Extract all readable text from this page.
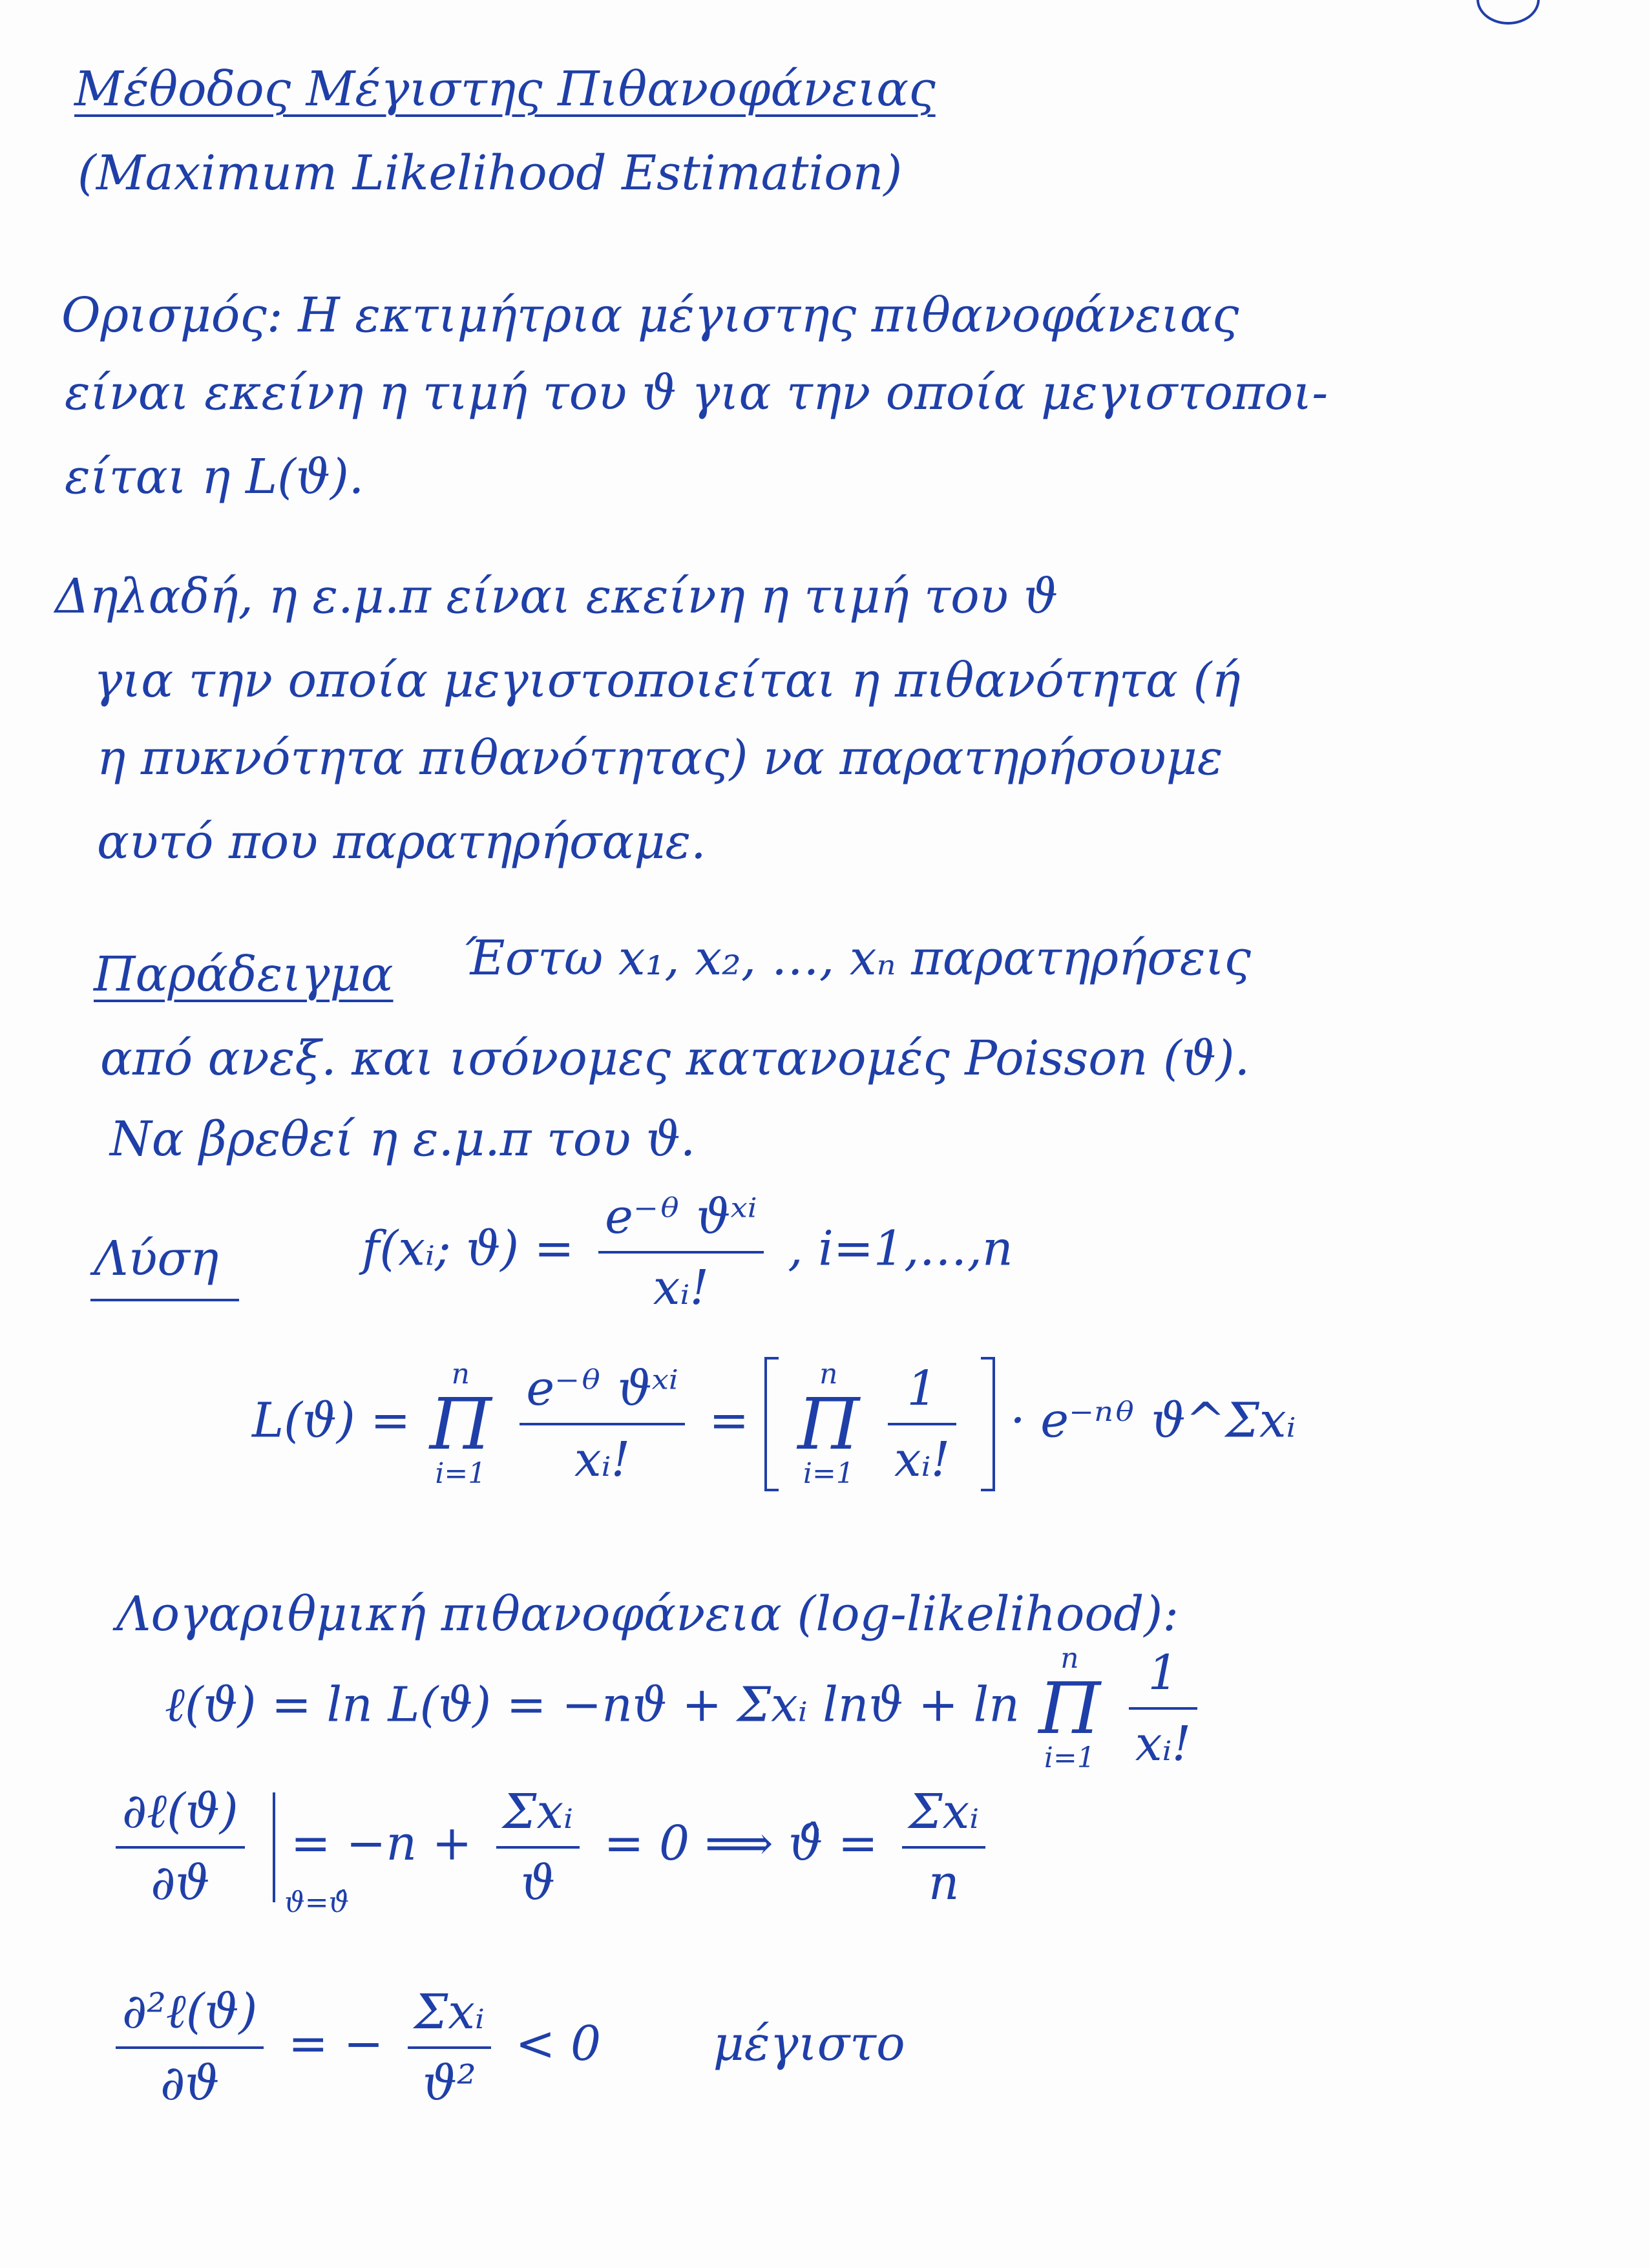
Μέθοδος Μέγιστης Πιθανοφάνειας
(Maximum Likelihood Estimation)
Ορισμός: Η εκτιμήτρια μέγιστης πιθανοφάνειας
είναι εκείνη η τιμή του ϑ για την οποία μεγιστοποι-
είται η L(ϑ).
Δηλαδή, η ε.μ.π είναι εκείνη η τιμή του ϑ
για την οποία μεγιστοποιείται η πιθανότητα (ή
η πυκνότητα πιθανότητας) να παρατηρήσουμε
αυτό που παρατηρήσαμε.
Παράδειγμα Έστω x₁, x₂, …, xₙ παρατηρήσεις
από ανεξ. και ισόνομες κατανομές Poisson (ϑ).
Να βρεθεί η ε.μ.π του ϑ.
Λύση	f(xᵢ; $ϑ) = \frac{\text{e⁻ᶿ ϑˣⁱ}}{\text{xᵢ!}}$ , i=1,…,n
L(ϑ) =
n
Π
i=1
$\frac{\text{e⁻ᶿ ϑˣⁱ}}{\text{xᵢ!}}$ =
n
Π
i=1
$\frac{1}{\text{xᵢ!}}$ · e⁻ⁿᶿ ϑ^Σxᵢ
Λογαριθμική πιθανοφάνεια (log-likelihood):
ℓ(ϑ) = ln L(ϑ) = −nϑ + Σxᵢ lnϑ + ln
n
Π
i=1
$\frac{1}{\text{xᵢ!}}$
$\frac{\text{∂ℓ(ϑ)}}{\partial ϑ}$
ϑ=ϑ̂
= $-n + \frac{\text{Σxᵢ}}{ϑ} = 0$ ⟹ ϑ̂ = $\frac{\text{Σxᵢ}}{n}$
$\frac{\text{∂²ℓ(ϑ)}}{\partial ϑ}$ = − $\frac{\text{Σxᵢ}}{\text{ϑ²}} < 0$ μέγιστο
